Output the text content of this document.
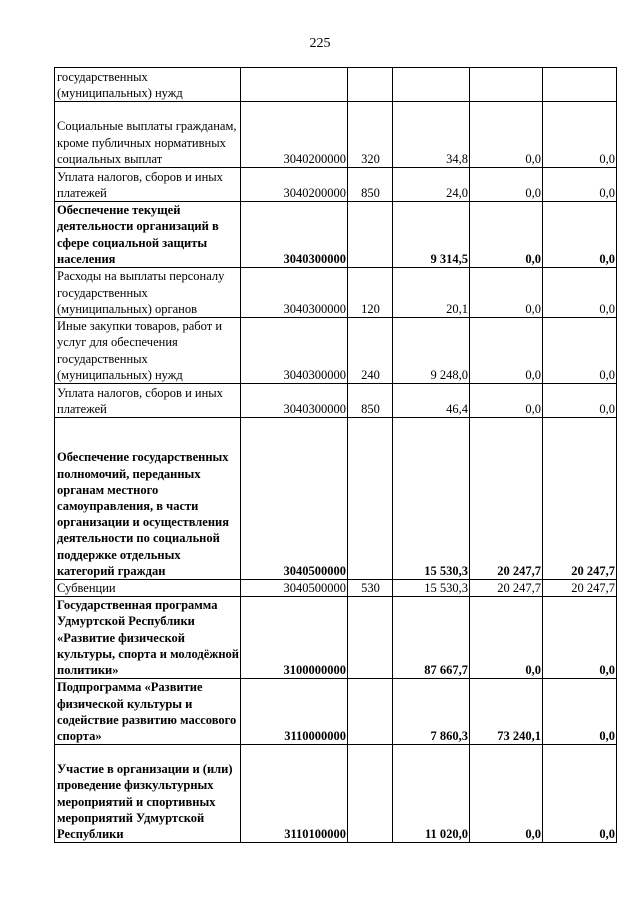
225
государственных (муниципальных) нужд					
Социальные выплаты гражданам, кроме публичных нормативных социальных выплат	3040200000	320	34,8	0,0	0,0
Уплата налогов, сборов и иных платежей	3040200000	850	24,0	0,0	0,0
Обеспечение текущей деятельности организаций в сфере социальной защиты населения	3040300000		9 314,5	0,0	0,0
Расходы на выплаты персоналу государственных (муниципальных) органов	3040300000	120	20,1	0,0	0,0
Иные закупки товаров, работ и услуг для обеспечения государственных (муниципальных) нужд	3040300000	240	9 248,0	0,0	0,0
Уплата налогов, сборов и иных платежей	3040300000	850	46,4	0,0	0,0
Обеспечение государственных полномочий, переданных органам местного самоуправления, в части организации и осуществления деятельности по социальной поддержке отдельных категорий граждан	3040500000		15 530,3	20 247,7	20 247,7
Субвенции	3040500000	530	15 530,3	20 247,7	20 247,7
Государственная программа Удмуртской Республики «Развитие физической культуры, спорта и молодёжной политики»	3100000000		87 667,7	0,0	0,0
Подпрограмма «Развитие физической культуры и содействие развитию массового спорта»	3110000000		7 860,3	73 240,1	0,0
Участие в организации и (или) проведение физкультурных мероприятий и спортивных мероприятий Удмуртской Республики	3110100000		11 020,0	0,0	0,0
